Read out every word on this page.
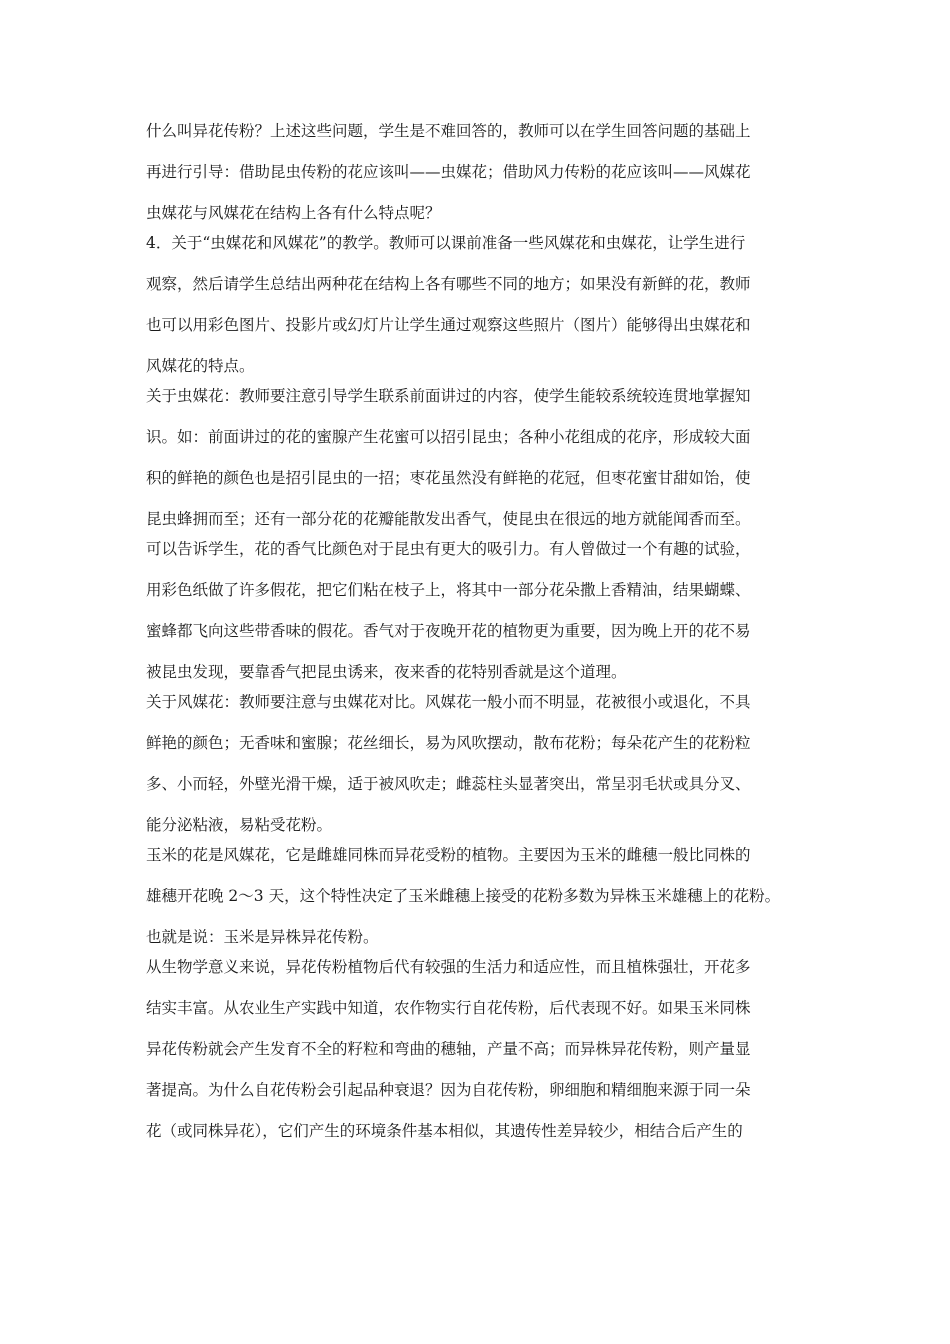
什么叫异花传粉？上述这些问题，学生是不难回答的，教师可以在学生回答问题的基础上
再进行引导：借助昆虫传粉的花应该叫——虫媒花；借助风力传粉的花应该叫——风媒花
虫媒花与风媒花在结构上各有什么特点呢？
4．关于“虫媒花和风媒花”的教学。教师可以课前准备一些风媒花和虫媒花，让学生进行
观察，然后请学生总结出两种花在结构上各有哪些不同的地方；如果没有新鲜的花，教师
也可以用彩色图片、投影片或幻灯片让学生通过观察这些照片（图片）能够得出虫媒花和
风媒花的特点。
关于虫媒花：教师要注意引导学生联系前面讲过的内容，使学生能较系统较连贯地掌握知
识。如：前面讲过的花的蜜腺产生花蜜可以招引昆虫；各种小花组成的花序，形成较大面
积的鲜艳的颜色也是招引昆虫的一招；枣花虽然没有鲜艳的花冠，但枣花蜜甘甜如饴，使
昆虫蜂拥而至；还有一部分花的花瓣能散发出香气，使昆虫在很远的地方就能闻香而至。
可以告诉学生，花的香气比颜色对于昆虫有更大的吸引力。有人曾做过一个有趣的试验，
用彩色纸做了许多假花，把它们粘在枝子上，将其中一部分花朵撒上香精油，结果蝴蝶、
蜜蜂都飞向这些带香味的假花。香气对于夜晚开花的植物更为重要，因为晚上开的花不易
被昆虫发现，要靠香气把昆虫诱来，夜来香的花特别香就是这个道理。
关于风媒花：教师要注意与虫媒花对比。风媒花一般小而不明显，花被很小或退化，不具
鲜艳的颜色；无香味和蜜腺；花丝细长，易为风吹摆动，散布花粉；每朵花产生的花粉粒
多、小而轻，外壁光滑干燥，适于被风吹走；雌蕊柱头显著突出，常呈羽毛状或具分叉、
能分泌粘液，易粘受花粉。
玉米的花是风媒花，它是雌雄同株而异花受粉的植物。主要因为玉米的雌穗一般比同株的
雄穗开花晚 2～3 天，这个特性决定了玉米雌穗上接受的花粉多数为异株玉米雄穗上的花粉。
也就是说：玉米是异株异花传粉。
从生物学意义来说，异花传粉植物后代有较强的生活力和适应性，而且植株强壮，开花多
结实丰富。从农业生产实践中知道，农作物实行自花传粉，后代表现不好。如果玉米同株
异花传粉就会产生发育不全的籽粒和弯曲的穗轴，产量不高；而异株异花传粉，则产量显
著提高。为什么自花传粉会引起品种衰退？因为自花传粉，卵细胞和精细胞来源于同一朵
花（或同株异花），它们产生的环境条件基本相似，其遗传性差异较少，相结合后产生的
